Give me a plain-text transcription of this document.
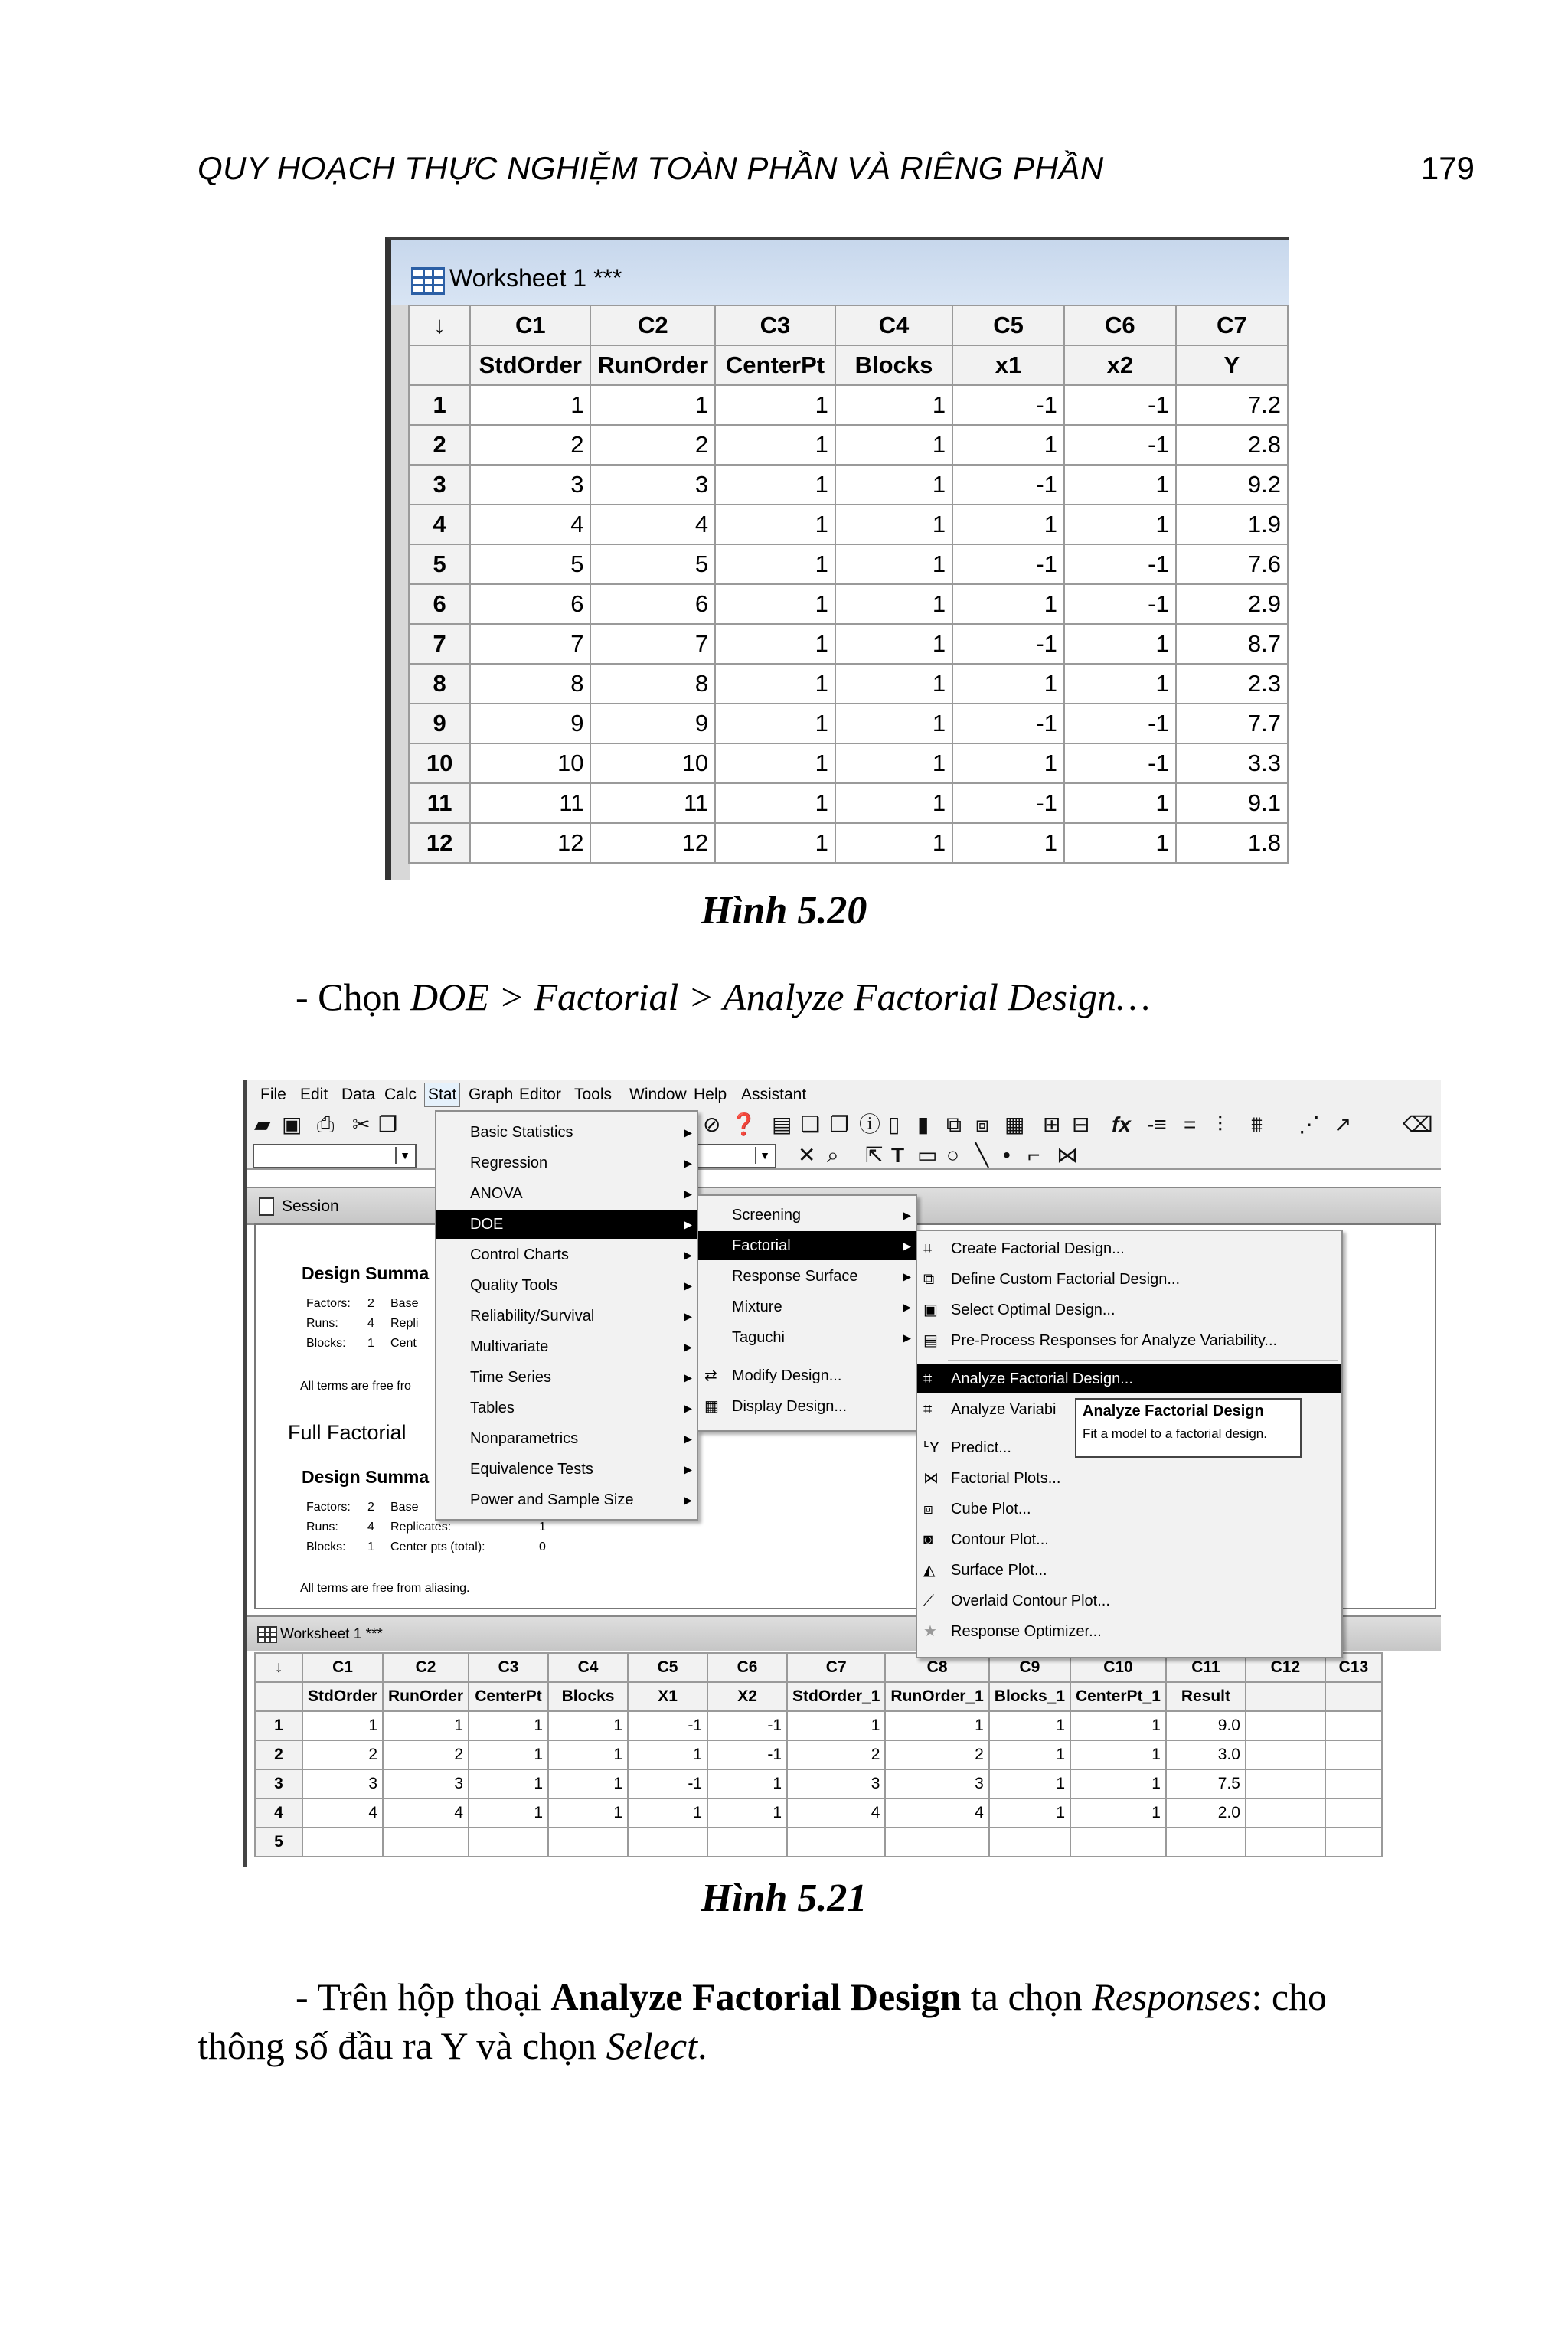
QUY HOẠCH THỰC NGHIỆM TOÀN PHẦN VÀ RIÊNG PHẦN	179
Worksheet 1 ***
↓	C1	C2	C3	C4	C5	C6	C7
	StdOrder	RunOrder	CenterPt	Blocks	x1	x2	Y
1	1	1	1	1	-1	-1	7.2
2	2	2	1	1	1	-1	2.8
3	3	3	1	1	-1	1	9.2
4	4	4	1	1	1	1	1.9
5	5	5	1	1	-1	-1	7.6
6	6	6	1	1	1	-1	2.9
7	7	7	1	1	-1	1	8.7
8	8	8	1	1	1	1	2.3
9	9	9	1	1	-1	-1	7.7
10	10	10	1	1	1	-1	3.3
11	11	11	1	1	-1	1	9.1
12	12	12	1	1	1	1	1.8
Hình 5.20
- Chọn DOE > Factorial > Analyze Factorial Design…
File Edit Data Calc Stat Graph Editor Tools Window Help Assistant
▰ ▣ ⎙ ✂ ❐
▼	▼
⊘ ❓ ▤ ❏ ❐ ⓘ ▯ ▮ ⧉ ⧈ ▦ ⊞ ⊟ fx -≡ = ⫶ ⩩ ⋰ ↗ ⌫
✕ ⌕ ⇱ T ▭ ○ ╲ • ⌐ ⋈
Session
Design Summa
Factors: 2 Base
Runs: 4 Repli
Blocks: 1 Cent
All terms are free fro
Full Factorial
Design Summa
Factors: 2 Base
Runs: 4 Replicates:	1
Blocks: 1 Center pts (total):	0
All terms are free from aliasing.
Worksheet 1 ***
↓	C1	C2	C3	C4	C5	C6	C7	C8	C9	C10	C11	C12	C13
	StdOrder	RunOrder	CenterPt	Blocks	X1	X2	StdOrder_1	RunOrder_1	Blocks_1	CenterPt_1	Result		
1	1	1	1	1	-1	-1	1	1	1	1	9.0		
2	2	2	1	1	1	-1	2	2	1	1	3.0		
3	3	3	1	1	-1	1	3	3	1	1	7.5		
4	4	4	1	1	1	1	4	4	1	1	2.0		
5													
Basic Statistics	▶
Regression	▶
ANOVA	▶
DOE	▶
Control Charts	▶
Quality Tools	▶
Reliability/Survival	▶
Multivariate	▶
Time Series	▶
Tables	▶
Nonparametrics	▶
Equivalence Tests	▶
Power and Sample Size	▶
Screening	▶
Factorial	▶
Response Surface	▶
Mixture	▶
Taguchi	▶
⇄ Modify Design...
▦ Display Design...
⌗ Create Factorial Design...
⧉ Define Custom Factorial Design...
▣ Select Optimal Design...
▤ Pre-Process Responses for Analyze Variability...
⌗ Analyze Factorial Design...
⌗ Analyze Variabi
ᒻY Predict...
⋈ Factorial Plots...
⧈ Cube Plot...
◙ Contour Plot...
◭ Surface Plot...
⟋ Overlaid Contour Plot...
★ Response Optimizer...
Analyze Factorial Design
Fit a model to a factorial design.
Hình 5.21
- Trên hộp thoại Analyze Factorial Design ta chọn Responses: cho
thông số đầu ra Y và chọn Select.
